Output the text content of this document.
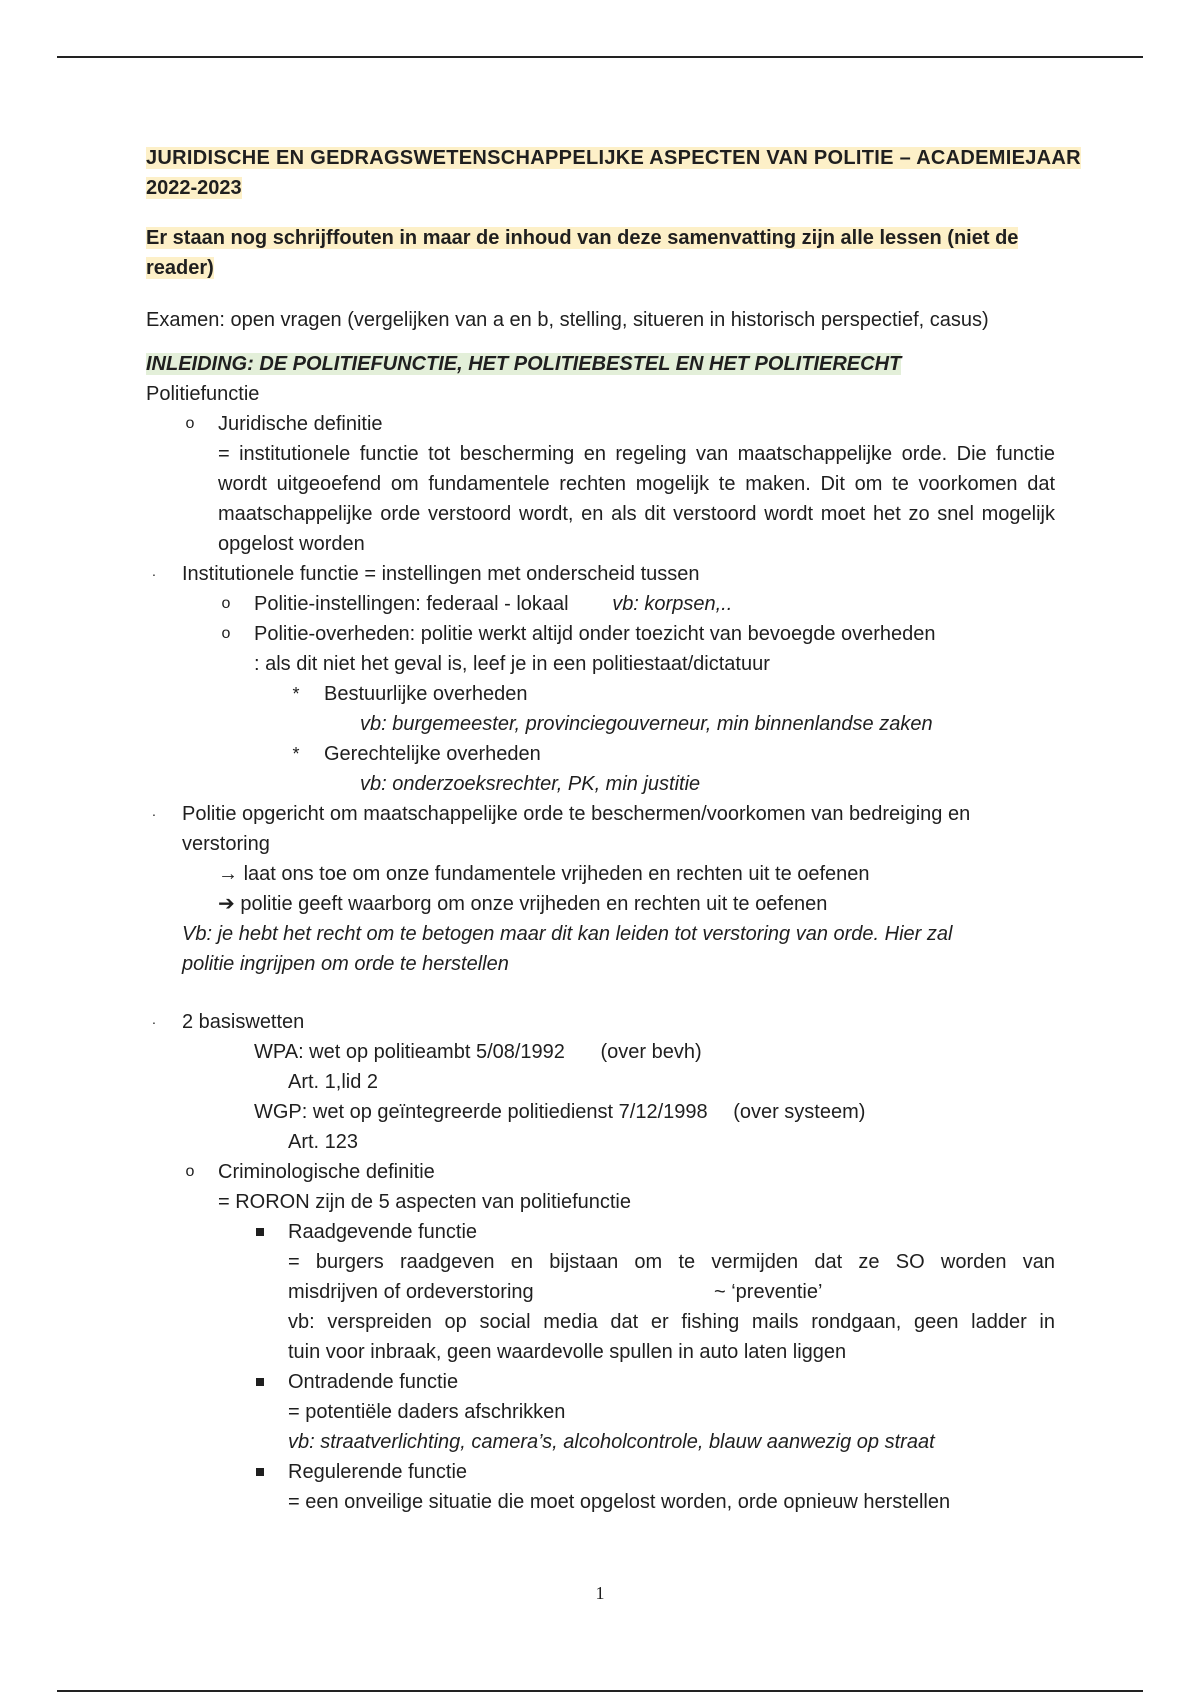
JURIDISCHE EN GEDRAGSWETENSCHAPPELIJKE ASPECTEN VAN POLITIE – ACADEMIEJAAR
2022-2023
Er staan nog schrijffouten in maar de inhoud van deze samenvatting zijn alle lessen (niet de
reader)
Examen: open vragen (vergelijken van a en b, stelling, situeren in historisch perspectief, casus)
INLEIDING: DE POLITIEFUNCTIE, HET POLITIEBESTEL EN HET POLITIERECHT
Politiefunctie
o Juridische definitie
= institutionele functie tot bescherming en regeling van maatschappelijke orde. Die functie wordt uitgeoefend om fundamentele rechten mogelijk te maken. Dit om te voorkomen dat maatschappelijke orde verstoord wordt, en als dit verstoord wordt moet het zo snel mogelijk opgelost worden
· Institutionele functie = instellingen met onderscheid tussen
o Politie-instellingen: federaal - lokaal vb: korpsen,..
o Politie-overheden: politie werkt altijd onder toezicht van bevoegde overheden
: als dit niet het geval is, leef je in een politiestaat/dictatuur
* Bestuurlijke overheden
vb: burgemeester, provinciegouverneur, min binnenlandse zaken
* Gerechtelijke overheden
vb: onderzoeksrechter, PK, min justitie
· Politie opgericht om maatschappelijke orde te beschermen/voorkomen van bedreiging en
verstoring
→ laat ons toe om onze fundamentele vrijheden en rechten uit te oefenen
➔ politie geeft waarborg om onze vrijheden en rechten uit te oefenen
Vb: je hebt het recht om te betogen maar dit kan leiden tot verstoring van orde. Hier zal
politie ingrijpen om orde te herstellen
· 2 basiswetten
WPA: wet op politieambt 5/08/1992 (over bevh)
Art. 1,lid 2
WGP: wet op geïntegreerde politiedienst 7/12/1998 (over systeem)
Art. 123
o Criminologische definitie
= RORON zijn de 5 aspecten van politiefunctie
Raadgevende functie
= burgers raadgeven en bijstaan om te vermijden dat ze SO worden van
misdrijven of ordeverstoring	~ ‘preventie’
vb: verspreiden op social media dat er fishing mails rondgaan, geen ladder in
tuin voor inbraak, geen waardevolle spullen in auto laten liggen
Ontradende functie
= potentiële daders afschrikken
vb: straatverlichting, camera’s, alcoholcontrole, blauw aanwezig op straat
Regulerende functie
= een onveilige situatie die moet opgelost worden, orde opnieuw herstellen
1
